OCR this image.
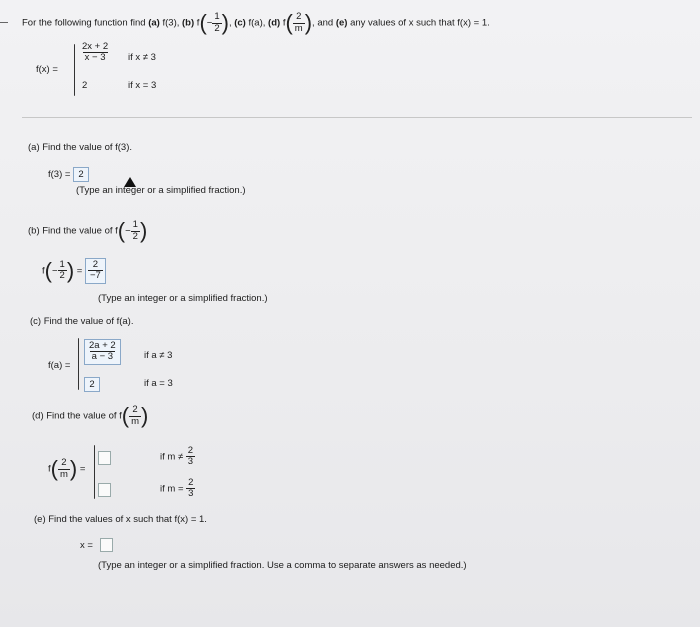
For the following function find (a) f(3), (b) $f(- \frac{1}{2}$ ), (c) f(a), (d) $f( \frac{2}{m}$ ), and (e) any values of x such that f(x) = 1.
f(x) =
$\frac{2x + 2}{x - 3}$ if x ≠ 3
2	if x = 3
(a) Find the value of f(3).
f(3) = 2
(Type an integer or a simplified fraction.)
(b) Find the value of $f(- \frac{1}{2}$ )
$f(- \frac{1}{2}$ ) = $\frac{2}{-7}$
(Type an integer or a simplified fraction.)
(c) Find the value of f(a).
f(a) =
$\frac{2a + 2}{a - 3}$ if a ≠ 3
2	if a = 3
(d) Find the value of $f( \frac{2}{m}$ )
$f( \frac{2}{m}$ ) =
if $m \ne \frac{2}{3}$
if $m = \frac{2}{3}$
(e) Find the values of x such that f(x) = 1.
x =
(Type an integer or a simplified fraction. Use a comma to separate answers as needed.)
